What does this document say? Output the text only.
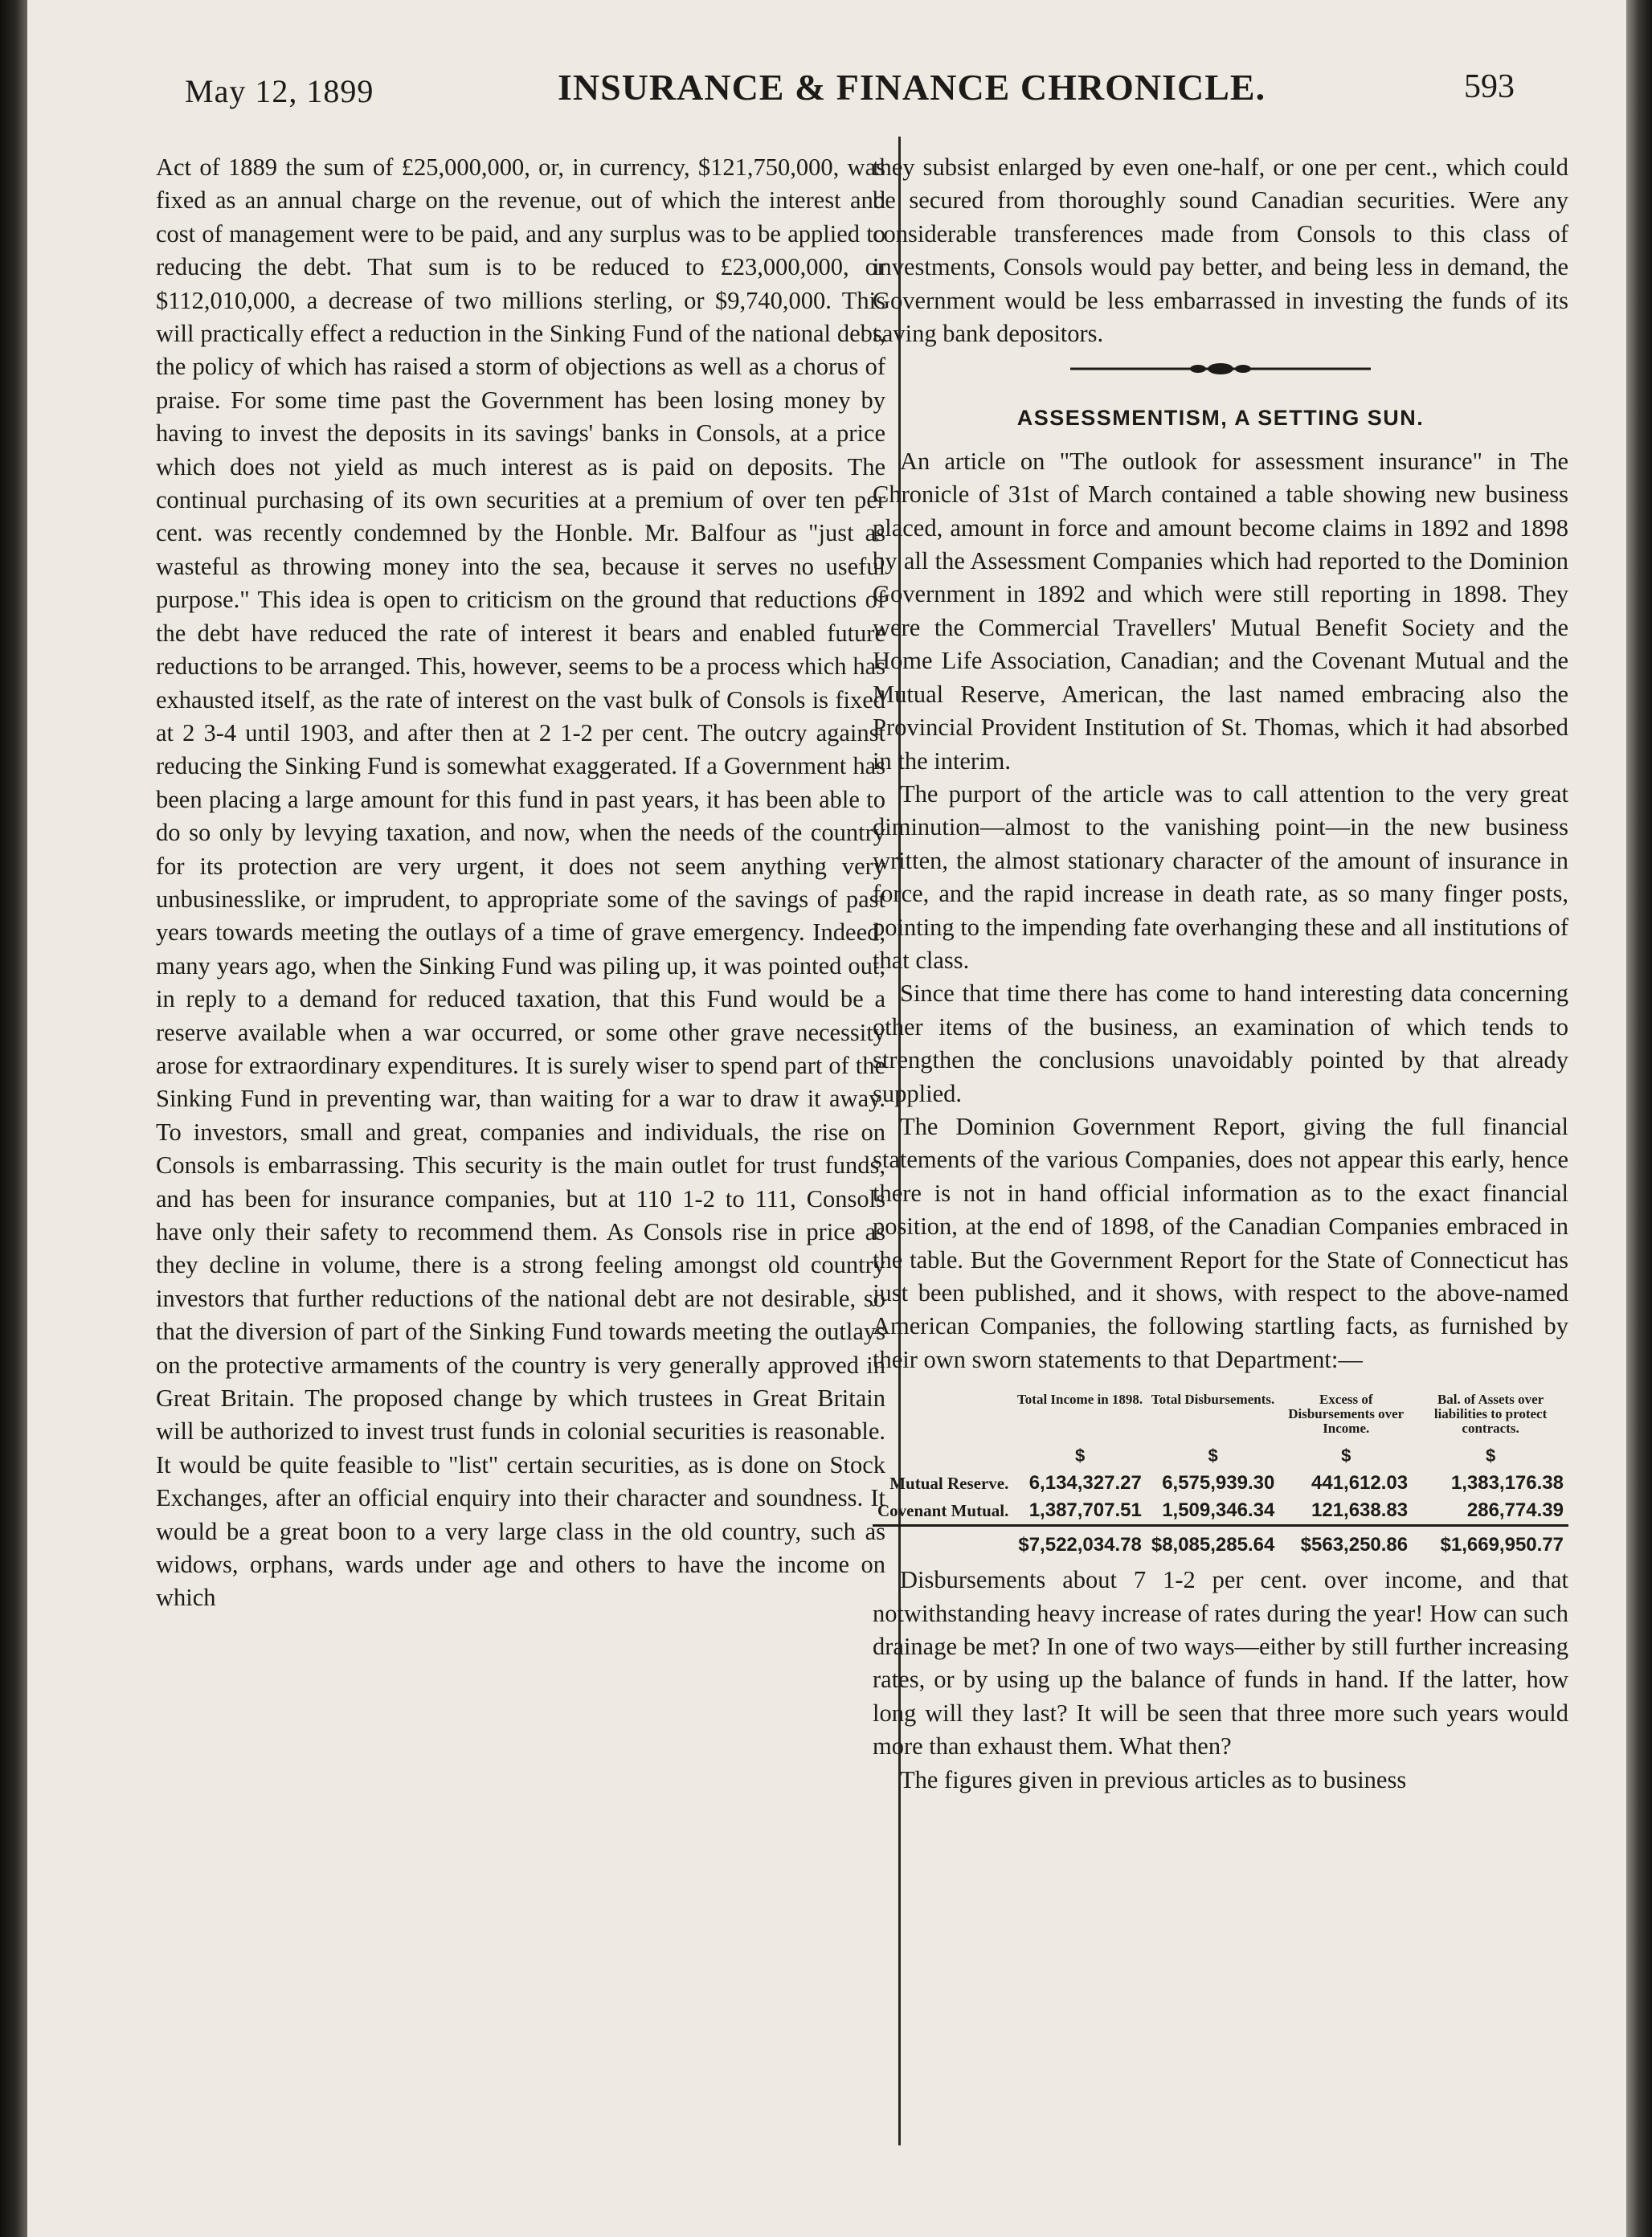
May 12, 1899	INSURANCE & FINANCE CHRONICLE.	593

Act of 1889 the sum of £25,000,000, or, in currency, $121,750,000, was fixed as an annual charge on the revenue, out of which the interest and cost of management were to be paid, and any surplus was to be applied to reducing the debt. That sum is to be reduced to £23,000,000, or $112,010,000, a decrease of two millions sterling, or $9,740,000. This will practically effect a reduction in the Sinking Fund of the national debt, the policy of which has raised a storm of objections as well as a chorus of praise. For some time past the Government has been losing money by having to invest the deposits in its savings' banks in Consols, at a price which does not yield as much interest as is paid on deposits. The continual purchasing of its own securities at a premium of over ten per cent. was recently condemned by the Honble. Mr. Balfour as "just as wasteful as throwing money into the sea, because it serves no useful purpose." This idea is open to criticism on the ground that reductions of the debt have reduced the rate of interest it bears and enabled future reductions to be arranged. This, however, seems to be a process which has exhausted itself, as the rate of interest on the vast bulk of Consols is fixed at 2 3-4 until 1903, and after then at 2 1-2 per cent. The outcry against reducing the Sinking Fund is somewhat exaggerated. If a Government has been placing a large amount for this fund in past years, it has been able to do so only by levying taxation, and now, when the needs of the country for its protection are very urgent, it does not seem anything very unbusinesslike, or imprudent, to appropriate some of the savings of past years towards meeting the outlays of a time of grave emergency. Indeed, many years ago, when the Sinking Fund was piling up, it was pointed out, in reply to a demand for reduced taxation, that this Fund would be a reserve available when a war occurred, or some other grave necessity arose for extraordinary expenditures. It is surely wiser to spend part of the Sinking Fund in preventing war, than waiting for a war to draw it away. To investors, small and great, companies and individuals, the rise on Consols is embarrassing. This security is the main outlet for trust funds, and has been for insurance companies, but at 110 1-2 to 111, Consols have only their safety to recommend them. As Consols rise in price as they decline in volume, there is a strong feeling amongst old country investors that further reductions of the national debt are not desirable, so that the diversion of part of the Sinking Fund towards meeting the outlays on the protective armaments of the country is very generally approved in Great Britain. The proposed change by which trustees in Great Britain will be authorized to invest trust funds in colonial securities is reasonable. It would be quite feasible to "list" certain securities, as is done on Stock Exchanges, after an official enquiry into their character and soundness. It would be a great boon to a very large class in the old country, such as widows, orphans, wards under age and others to have the income on which

they subsist enlarged by even one-half, or one per cent., which could be secured from thoroughly sound Canadian securities. Were any considerable transferences made from Consols to this class of investments, Consols would pay better, and being less in demand, the Government would be less embarrassed in investing the funds of its saving bank depositors.

ASSESSMENTISM, A SETTING SUN.

An article on "The outlook for assessment insurance" in The Chronicle of 31st of March contained a table showing new business placed, amount in force and amount become claims in 1892 and 1898 by all the Assessment Companies which had reported to the Dominion Government in 1892 and which were still reporting in 1898. They were the Commercial Travellers' Mutual Benefit Society and the Home Life Association, Canadian; and the Covenant Mutual and the Mutual Reserve, American, the last named embracing also the Provincial Provident Institution of St. Thomas, which it had absorbed in the interim.

The purport of the article was to call attention to the very great diminution—almost to the vanishing point—in the new business written, the almost stationary character of the amount of insurance in force, and the rapid increase in death rate, as so many finger posts, pointing to the impending fate overhanging these and all institutions of that class.

Since that time there has come to hand interesting data concerning other items of the business, an examination of which tends to strengthen the conclusions unavoidably pointed by that already supplied.

The Dominion Government Report, giving the full financial statements of the various Companies, does not appear this early, hence there is not in hand official information as to the exact financial position, at the end of 1898, of the Canadian Companies embraced in the table. But the Government Report for the State of Connecticut has just been published, and it shows, with respect to the above-named American Companies, the following startling facts, as furnished by their own sworn statements to that Department:—

	Total Income in 1898.	Total Disbursements.	Excess of Disbursements over Income.	Bal. of Assets over liabilities to protect contracts.
	$	$	$	$
Mutual Reserve.	6,134,327.27	6,575,939.30	441,612.03	1,383,176.38
Covenant Mutual.	1,387,707.51	1,509,346.34	121,638.83	286,774.39
	$7,522,034.78	$8,085,285.64	$563,250.86	$1,669,950.77

Disbursements about 7 1-2 per cent. over income, and that notwithstanding heavy increase of rates during the year! How can such drainage be met? In one of two ways—either by still further increasing rates, or by using up the balance of funds in hand. If the latter, how long will they last? It will be seen that three more such years would more than exhaust them. What then?

The figures given in previous articles as to business
